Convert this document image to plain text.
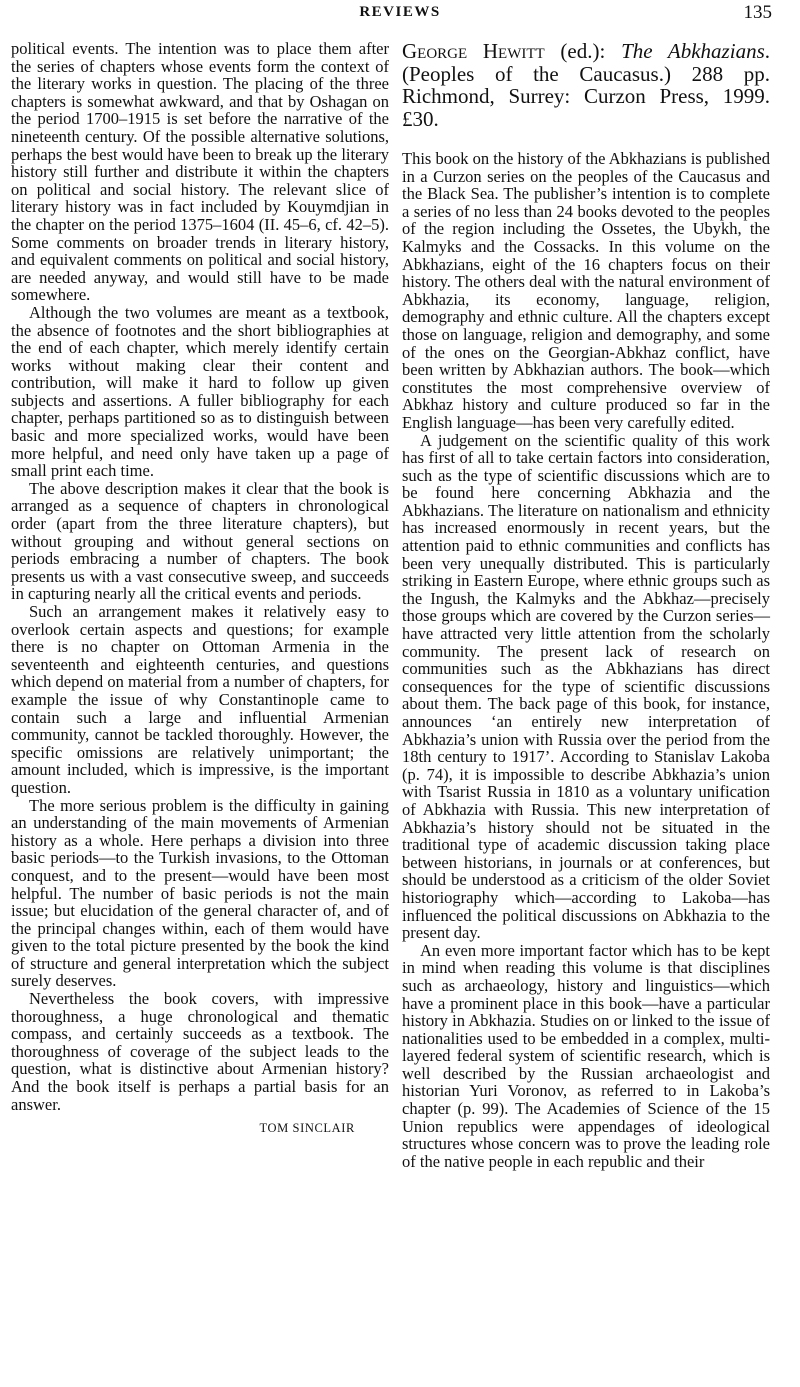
REVIEWS	135

political events. The intention was to place them after the series of chapters whose events form the context of the literary works in question. The placing of the three chapters is somewhat awkward, and that by Oshagan on the period 1700–1915 is set before the narrative of the nineteenth century. Of the possible alternative solutions, perhaps the best would have been to break up the literary history still further and distribute it within the chapters on political and social history. The relevant slice of literary history was in fact included by Kouymdjian in the chapter on the period 1375–1604 (II. 45–6, cf. 42–5). Some comments on broader trends in literary history, and equivalent comments on political and social history, are needed anyway, and would still have to be made somewhere.

Although the two volumes are meant as a textbook, the absence of footnotes and the short bibliographies at the end of each chapter, which merely identify certain works without making clear their content and contribution, will make it hard to follow up given subjects and assertions. A fuller bibliography for each chapter, perhaps partitioned so as to distinguish between basic and more specialized works, would have been more helpful, and need only have taken up a page of small print each time.

The above description makes it clear that the book is arranged as a sequence of chapters in chronological order (apart from the three literature chapters), but without grouping and without general sections on periods embracing a number of chapters. The book presents us with a vast consecutive sweep, and succeeds in capturing nearly all the critical events and periods.

Such an arrangement makes it relatively easy to overlook certain aspects and questions; for example there is no chapter on Ottoman Armenia in the seventeenth and eighteenth centuries, and questions which depend on material from a number of chapters, for example the issue of why Constantinople came to contain such a large and influential Armenian community, cannot be tackled thoroughly. However, the specific omissions are relatively unimportant; the amount included, which is impressive, is the important question.

The more serious problem is the difficulty in gaining an understanding of the main movements of Armenian history as a whole. Here perhaps a division into three basic periods—to the Turkish invasions, to the Ottoman conquest, and to the present—would have been most helpful. The number of basic periods is not the main issue; but elucidation of the general character of, and of the principal changes within, each of them would have given to the total picture presented by the book the kind of structure and general interpretation which the subject surely deserves.

Nevertheless the book covers, with impressive thoroughness, a huge chronological and thematic compass, and certainly succeeds as a textbook. The thoroughness of coverage of the subject leads to the question, what is distinctive about Armenian history? And the book itself is perhaps a partial basis for an answer.

TOM SINCLAIR
George Hewitt (ed.): The Abkhazians. (Peoples of the Caucasus.) 288 pp. Richmond, Surrey: Curzon Press, 1999. £30.

This book on the history of the Abkhazians is published in a Curzon series on the peoples of the Caucasus and the Black Sea. The publisher’s intention is to complete a series of no less than 24 books devoted to the peoples of the region including the Ossetes, the Ubykh, the Kalmyks and the Cossacks. In this volume on the Abkhazians, eight of the 16 chapters focus on their history. The others deal with the natural environment of Abkhazia, its economy, language, religion, demography and ethnic culture. All the chapters except those on language, religion and demography, and some of the ones on the Georgian-Abkhaz conflict, have been written by Abkhazian authors. The book—which constitutes the most comprehensive overview of Abkhaz history and culture produced so far in the English language—has been very carefully edited.

A judgement on the scientific quality of this work has first of all to take certain factors into consideration, such as the type of scientific discussions which are to be found here concerning Abkhazia and the Abkhazians. The literature on nationalism and ethnicity has increased enormously in recent years, but the attention paid to ethnic communities and conflicts has been very unequally distributed. This is particularly striking in Eastern Europe, where ethnic groups such as the Ingush, the Kalmyks and the Abkhaz—precisely those groups which are covered by the Curzon series—have attracted very little attention from the scholarly community. The present lack of research on communities such as the Abkhazians has direct consequences for the type of scientific discussions about them. The back page of this book, for instance, announces ‘an entirely new interpretation of Abkhazia’s union with Russia over the period from the 18th century to 1917’. According to Stanislav Lakoba (p. 74), it is impossible to describe Abkhazia’s union with Tsarist Russia in 1810 as a voluntary unification of Abkhazia with Russia. This new interpretation of Abkhazia’s history should not be situated in the traditional type of academic discussion taking place between historians, in journals or at conferences, but should be understood as a criticism of the older Soviet historiography which—according to Lakoba—has influenced the political discussions on Abkhazia to the present day.

An even more important factor which has to be kept in mind when reading this volume is that disciplines such as archaeology, history and linguistics—which have a prominent place in this book—have a particular history in Abkhazia. Studies on or linked to the issue of nationalities used to be embedded in a complex, multi-layered federal system of scientific research, which is well described by the Russian archaeologist and historian Yuri Voronov, as referred to in Lakoba’s chapter (p. 99). The Academies of Science of the 15 Union republics were appendages of ideological structures whose concern was to prove the leading role of the native people in each republic and their
